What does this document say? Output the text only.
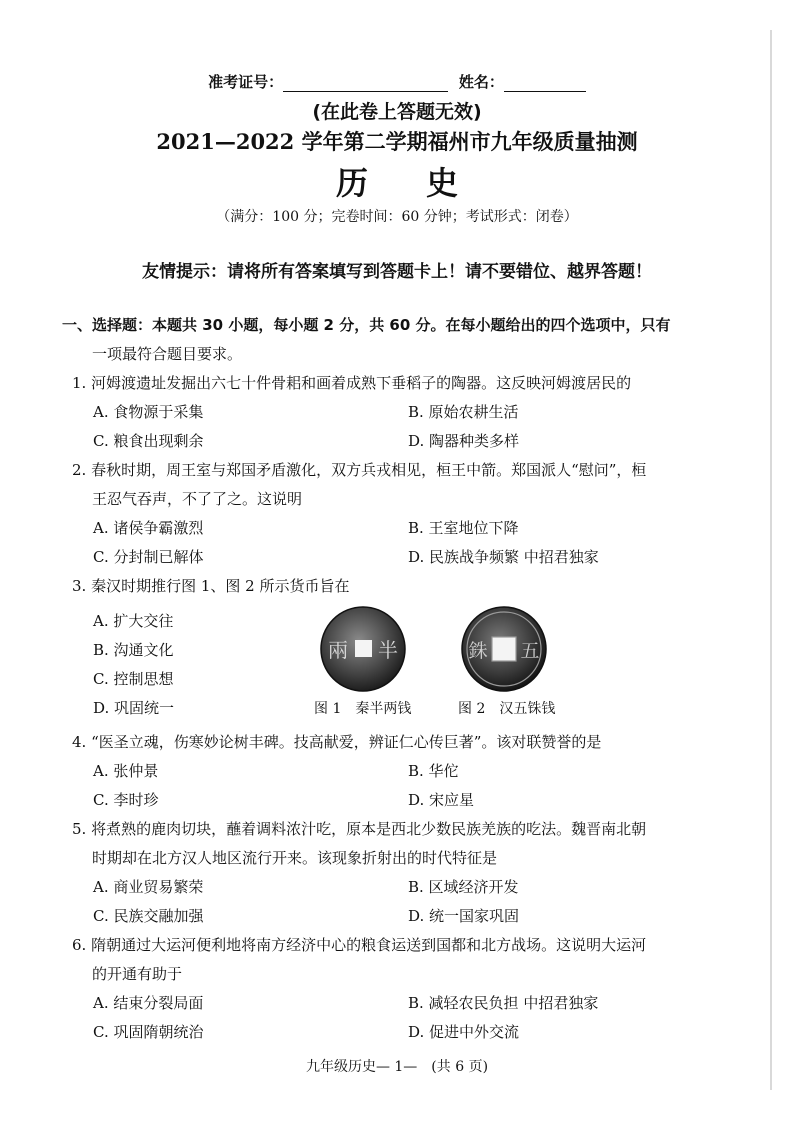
准考证号：	姓名：
(在此卷上答题无效)
2021—2022 学年第二学期福州市九年级质量抽测
历史
（满分：100 分；完卷时间：60 分钟；考试形式：闭卷）
友情提示：请将所有答案填写到答题卡上！请不要错位、越界答题！
一、选择题：本题共 30 小题，每小题 2 分，共 60 分。在每小题给出的四个选项中，只有
一项最符合题目要求。
1. 河姆渡遗址发掘出六七十件骨耜和画着成熟下垂稻子的陶器。这反映河姆渡居民的
A. 食物源于采集	B. 原始农耕生活
C. 粮食出现剩余	D. 陶器种类多样
2. 春秋时期，周王室与郑国矛盾激化，双方兵戎相见，桓王中箭。郑国派人“慰问”，桓
王忍气吞声，不了了之。这说明
A. 诸侯争霸激烈	B. 王室地位下降
C. 分封制已解体	D. 民族战争频繁 中招君独家
3. 秦汉时期推行图 1、图 2 所示货币旨在
A. 扩大交往
B. 沟通文化
C. 控制思想
D. 巩固统一
兩 半	銖 五
图 1　秦半两钱	图 2　汉五铢钱
4. “医圣立魂，伤寒妙论树丰碑。技高献爱，辨证仁心传巨著”。该对联赞誉的是
A. 张仲景	B. 华佗
C. 李时珍	D. 宋应星
5. 将煮熟的鹿肉切块，蘸着调料浓汁吃，原本是西北少数民族羌族的吃法。魏晋南北朝
时期却在北方汉人地区流行开来。该现象折射出的时代特征是
A. 商业贸易繁荣	B. 区域经济开发
C. 民族交融加强	D. 统一国家巩固
6. 隋朝通过大运河便利地将南方经济中心的粮食运送到国都和北方战场。这说明大运河
的开通有助于
A. 结束分裂局面	B. 减轻农民负担 中招君独家
C. 巩固隋朝统治	D. 促进中外交流
九年级历史— 1—　(共 6 页)
